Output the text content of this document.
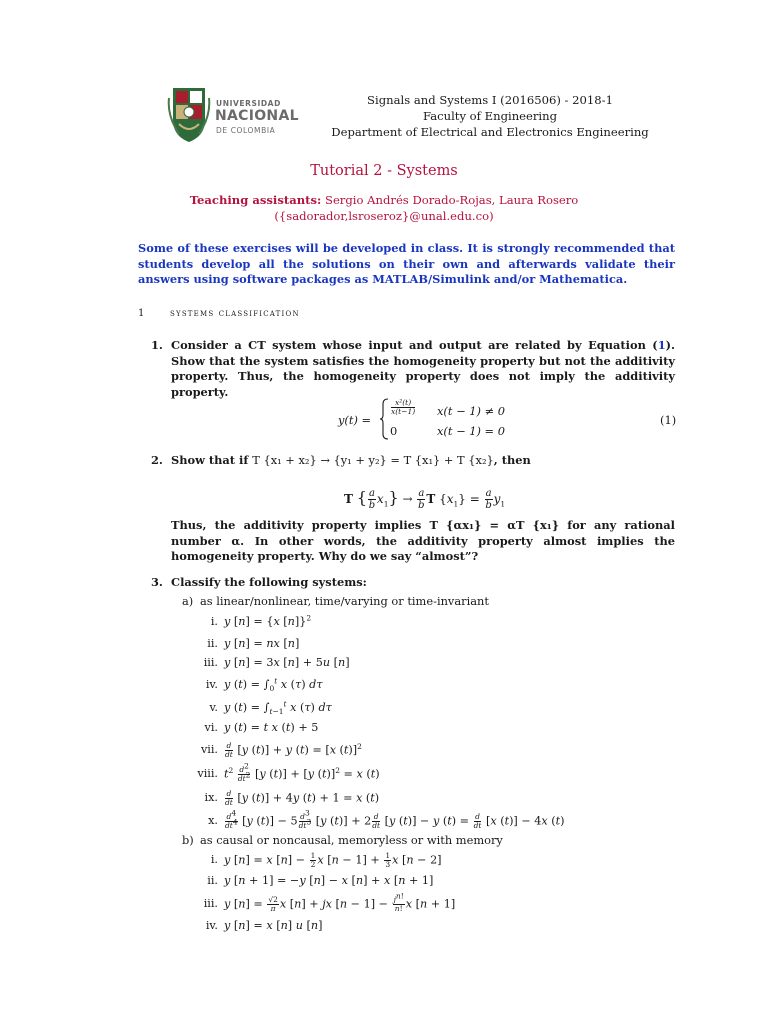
UNIVERSIDAD
NACIONAL
DE COLOMBIA
Signals and Systems I (2016506) - 2018-1
Faculty of Engineering
Department of Electrical and Electronics Engineering
Tutorial 2 - Systems
Teaching assistants: Sergio Andrés Dorado-Rojas, Laura Rosero
({sadorador,lsroseroz}@unal.edu.co)
Some of these exercises will be developed in class. It is strongly recommended that students develop all the solutions on their own and afterwards validate their answers using software packages as MATLAB/Simulink and/or Mathematica.
1 systems classification
1. Consider a CT system whose input and output are related by Equation (1). Show that the system satisfies the homogeneity property but not the additivity property. Thus, the homogeneity property does not imply the additivity property.
y(t) =
$\frac{\text{x²(t)}}{x(t-1)} x(t - 1) \ne 0$
0	x(t − 1) = 0
(1)
2. Show that if T {x₁ + x₂} → {y₁ + y₂} = T {x₁} + T {x₂}, then
T { $\frac{a}{b} x_1\} \to \frac{a}{b}$ T $\{x_1\} = \frac{a}{b} y_1$
Thus, the additivity property implies T {αx₁} = αT {x₁} for any rational number α. In other words, the additivity property almost implies the homogeneity property. Why do we say “almost”?
3. Classify the following systems:
a) as linear/nonlinear, time/varying or time-invariant
i. y [n] = {x [n]}$^2$
ii. y [n] = nx [n]
iii. y [n] = 3x [n] + 5u [n]
iv. y $(t) = \int_0^t$ x (τ) dτ
v. y $(t) = \int_{t-1}^t$ x (τ) dτ
vi. y (t) = t x (t) + 5
vii. $\frac{d}{dt} [y$ (t)] + y (t) = [x (t)]$^2$
viii. $t^2 \frac{d^2}{dt^2} [y$ (t)] + [y (t)]$^2$ = x (t)
ix. $\frac{d}{dt} [y$ (t)] + 4y (t) + 1 = x (t)
x. $\frac{d^4}{dt^4} [y$ $(t)] - 5 \frac{d^3}{dt^3} [y$ $(t)] + 2 \frac{d}{dt} [y$ (t)] − y $(t) = \frac{d}{dt} [x$ (t)] − 4x (t)
b) as causal or noncausal, memoryless or with memory
i. y [n] = x $[n] - \frac{1}{2}$ x $[n - 1] + \frac{1}{3}$ x [n − 2]
ii. y [n + 1] = −y [n] − x [n] + x [n + 1]
iii. y $[n] = \frac{√2}{\pi}$ x [n] + jx $[n - 1] - \frac{j^{n!}}{n!}$ x [n + 1]
iv. y [n] = x [n] u [n]
